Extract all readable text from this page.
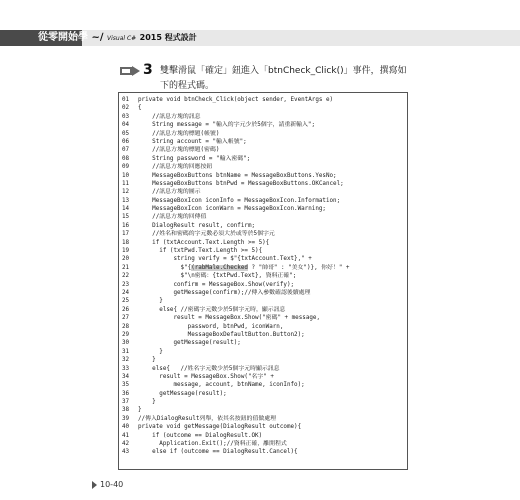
從零開始學 ~∕ Visual C# 2015 程式設計
3 雙擊滑鼠「確定」鈕進入「btnCheck_Click()」事件，撰寫如下的程式碼。
01	private void btnCheck_Click(object sender, EventArgs e)
02	{
03	//訊息方塊的訊息
04	String message = "輸入的字元少於5個字，請重新輸入";
05	//訊息方塊的標題(帳號)
06	String account = "輸入帳號";
07	//訊息方塊的標題(密碼)
08	String password = "輸入密碼";
09	//訊息方塊的回應按鈕
10	MessageBoxButtons btnName = MessageBoxButtons.YesNo;
11	MessageBoxButtons btnPwd = MessageBoxButtons.OKCancel;
12	//訊息方塊的圖示
13	MessageBoxIcon iconInfo = MessageBoxIcon.Information;
14	MessageBoxIcon iconWarn = MessageBoxIcon.Warning;
15	//訊息方塊的回傳值
16	DialogResult result, confirm;
17	//姓名和密碼的字元數必須大於或等於5個字元
18	if (txtAccount.Text.Length >= 5){
19	if (txtPwd.Text.Length >= 5){
20	string verify = $"{txtAccount.Text}," +
21	$"{(rabMale.Checked ? "帥哥" : "美女")}, 你好！" +
22	$"\n密碼：{txtPwd.Text}, 資料正確";
23	confirm = MessageBox.Show(verify);
24	getMessage(confirm);//傳入參數確認後續處理
25	}
26	else{ //密碼字元數少於5個字元時，顯示訊息
27	result = MessageBox.Show("密碼" + message,
28	password, btnPwd, iconWarn,
29	MessageBoxDefaultButton.Button2);
30	getMessage(result);
31	}
32	}
33	else{   //姓名字元數少於5個字元時顯示訊息
34	result = MessageBox.Show("名字" +
35	message, account, btnName, iconInfo);
36	getMessage(result);
37	}
38	}
39	//傳入DialogResult列舉，依其名按鈕的值做處理
40	private void getMessage(DialogResult outcome){
41	if (outcome == DialogResult.OK)
42	Application.Exit();//資料正確，離開程式
43	else if (outcome == DialogResult.Cancel){
10-40
